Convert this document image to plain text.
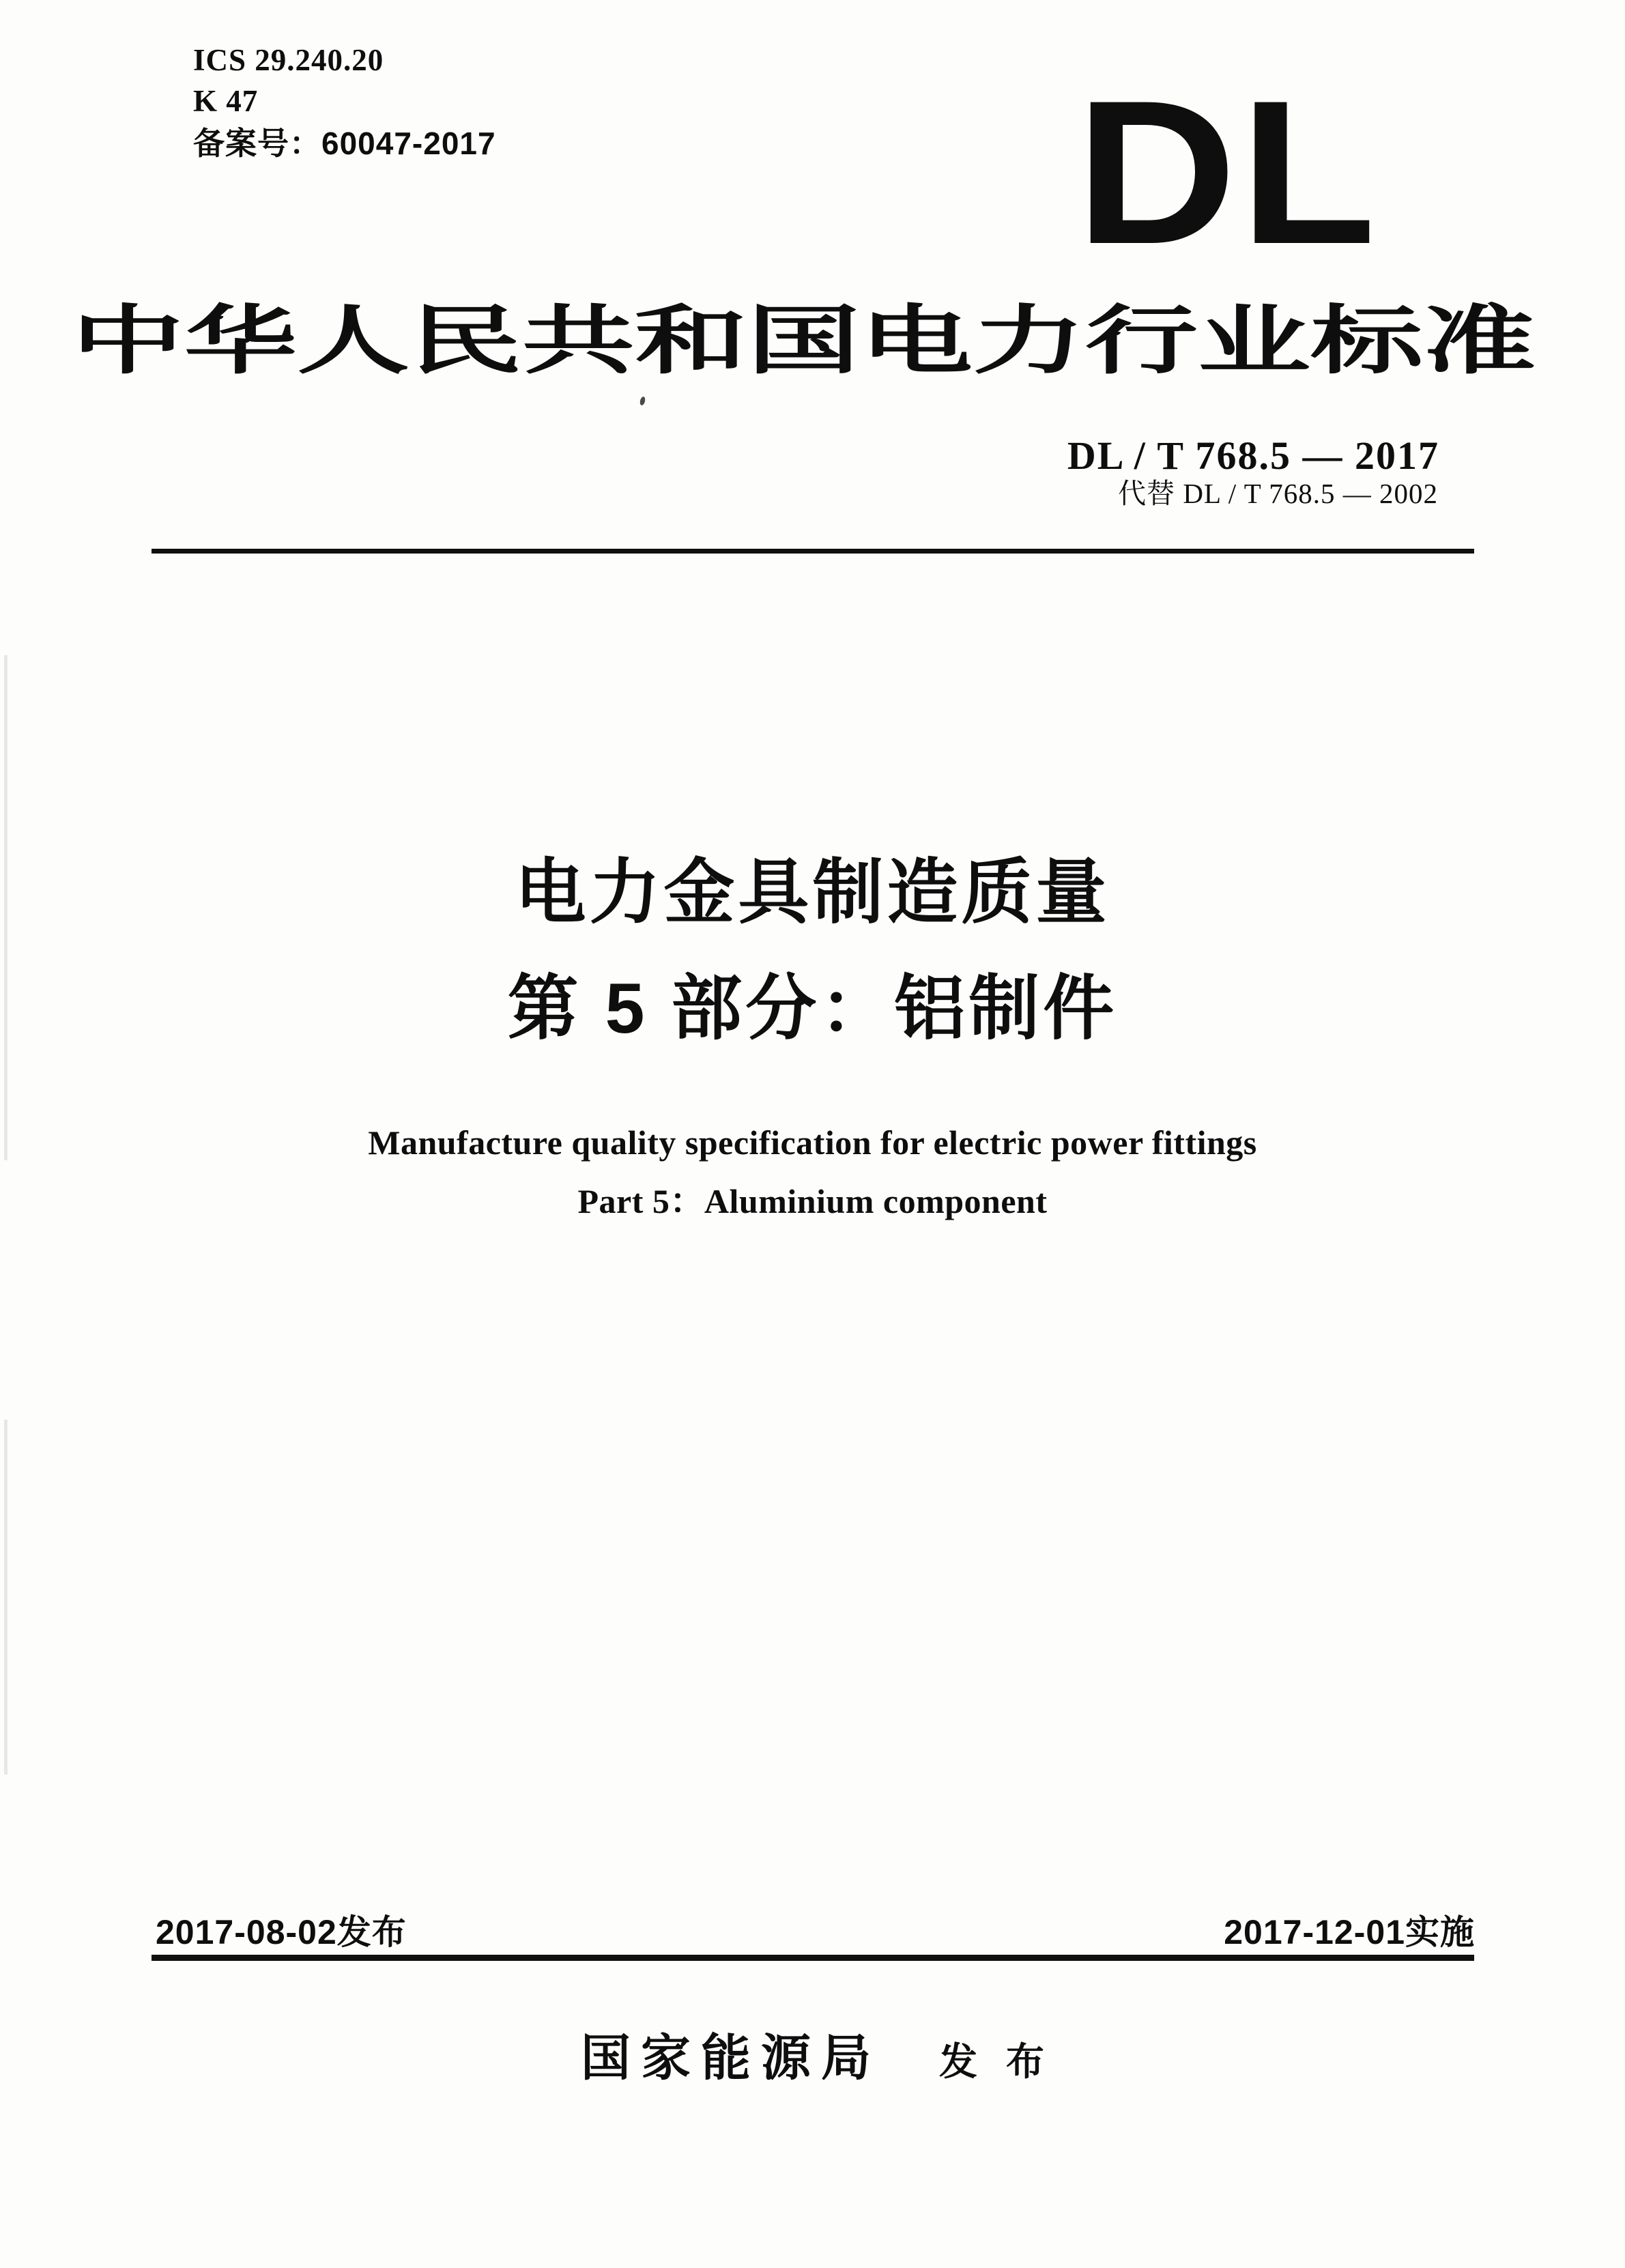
ICS 29.240.20
K 47
备案号：60047-2017	DL
中华人民共和国电力行业标准
DL / T 768.5 — 2017
代替 DL / T 768.5 — 2002
电力金具制造质量
第 5 部分：铝制件
Manufacture quality specification for electric power fittings
Part 5：Aluminium component
2017-08-02发布	2017-12-01实施
国家能源局 发 布
